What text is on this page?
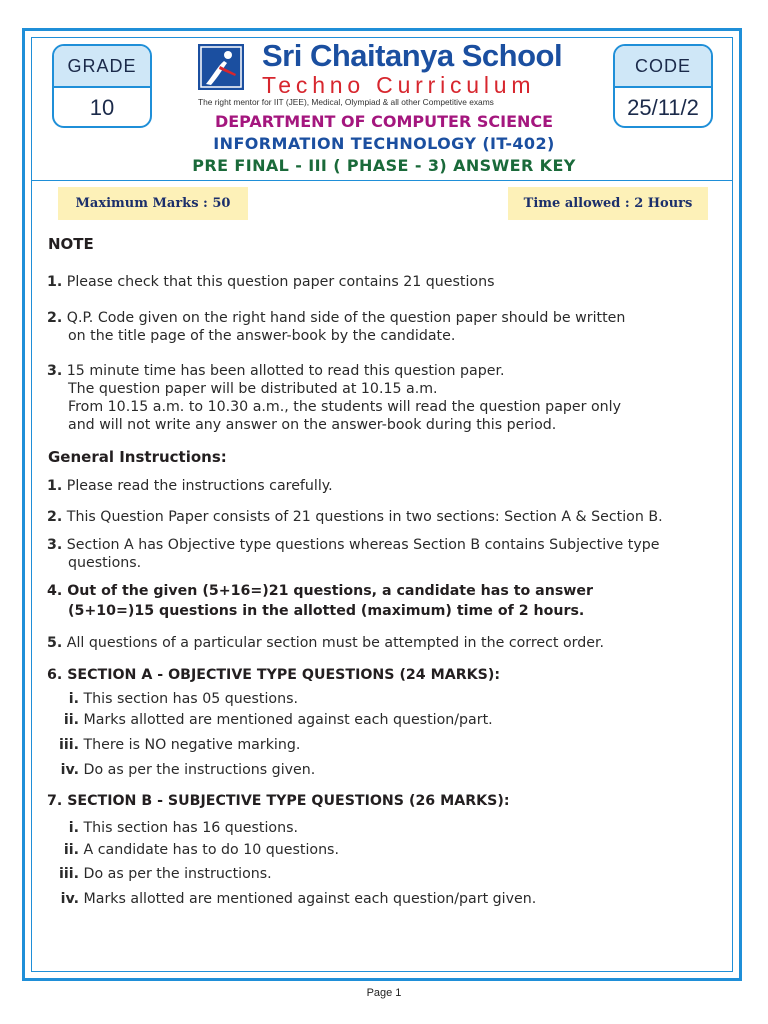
GRADE
10
CODE
25/11/2
Sri Chaitanya School
Techno Curriculum
The right mentor for IIT (JEE), Medical, Olympiad & all other Competitive exams
DEPARTMENT OF COMPUTER SCIENCE
INFORMATION TECHNOLOGY (IT-402)
PRE FINAL - III ( PHASE - 3) ANSWER KEY
Maximum Marks : 50	Time allowed : 2 Hours
NOTE
1. Please check that this question paper contains 21 questions
2. Q.P. Code given on the right hand side of the question paper should be written
on the title page of the answer-book by the candidate.
3. 15 minute time has been allotted to read this question paper.
The question paper will be distributed at 10.15 a.m.
From 10.15 a.m. to 10.30 a.m., the students will read the question paper only
and will not write any answer on the answer-book during this period.
General Instructions:
1. Please read the instructions carefully.
2. This Question Paper consists of 21 questions in two sections: Section A & Section B.
3. Section A has Objective type questions whereas Section B contains Subjective type
questions.
4. Out of the given (5+16=)21 questions, a candidate has to answer
(5+10=)15 questions in the allotted (maximum) time of 2 hours.
5. All questions of a particular section must be attempted in the correct order.
6. SECTION A - OBJECTIVE TYPE QUESTIONS (24 MARKS):
i. This section has 05 questions.
ii. Marks allotted are mentioned against each question/part.
iii. There is NO negative marking.
iv. Do as per the instructions given.
7. SECTION B - SUBJECTIVE TYPE QUESTIONS (26 MARKS):
i. This section has 16 questions.
ii. A candidate has to do 10 questions.
iii. Do as per the instructions.
iv. Marks allotted are mentioned against each question/part given.
Page 1
